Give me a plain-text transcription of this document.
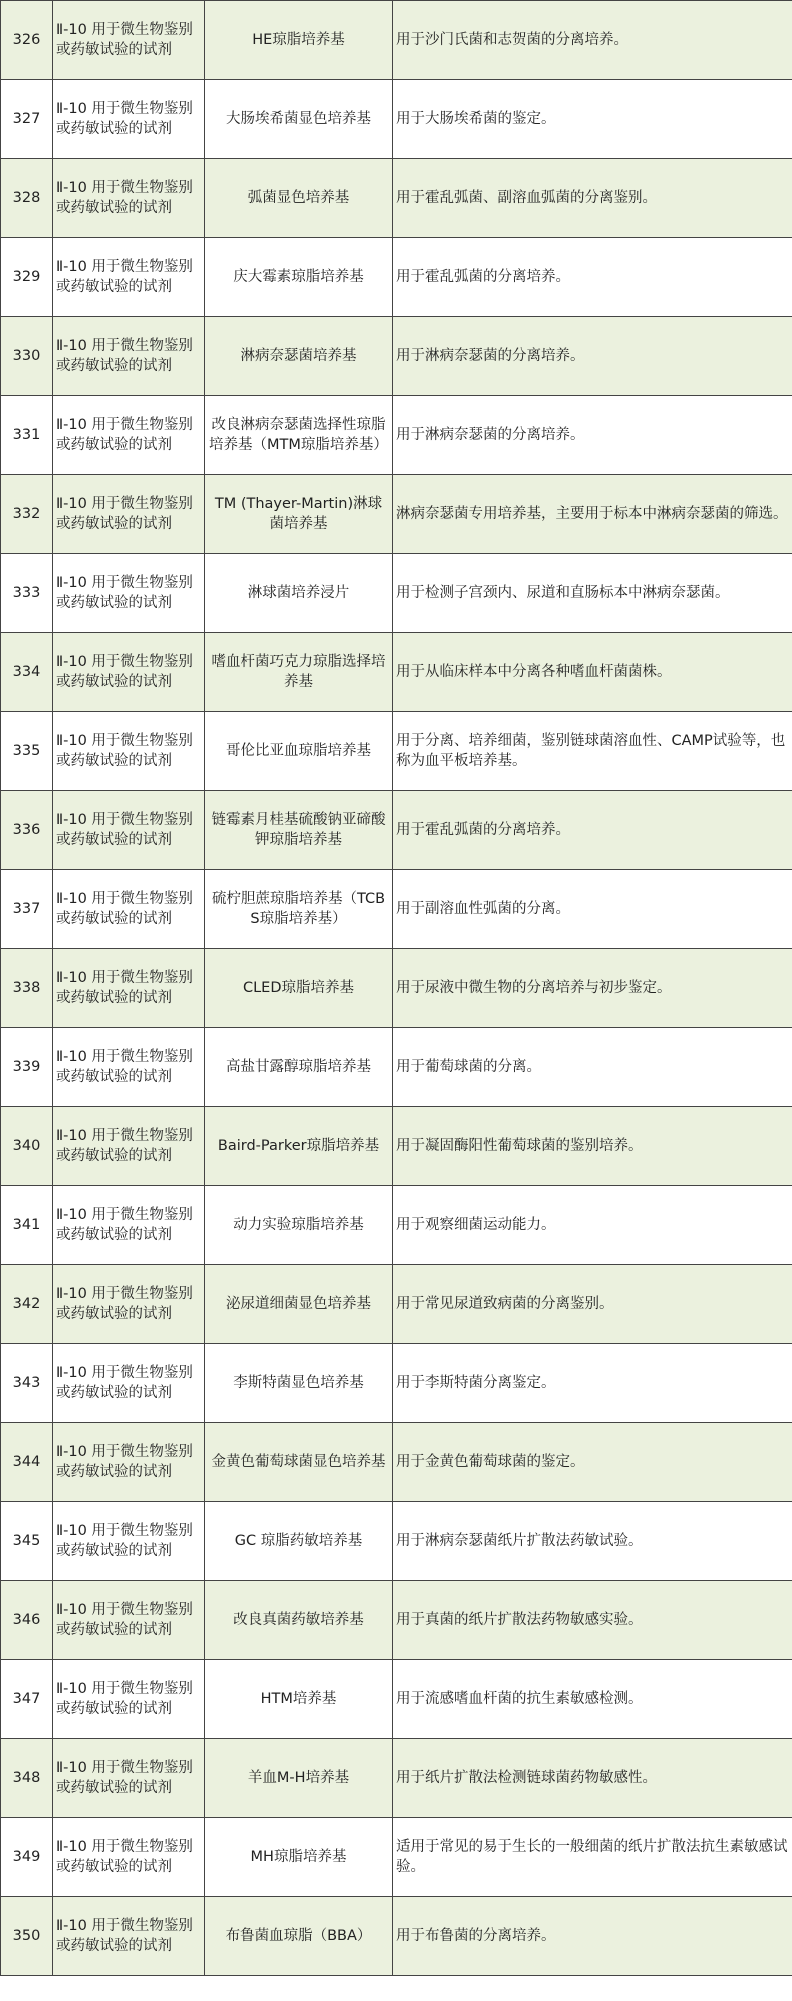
326	Ⅱ-10 用于微生物鉴别或药敏试验的试剂	HE琼脂培养基	用于沙门氏菌和志贺菌的分离培养。
327	Ⅱ-10 用于微生物鉴别或药敏试验的试剂	大肠埃希菌显色培养基	用于大肠埃希菌的鉴定。
328	Ⅱ-10 用于微生物鉴别或药敏试验的试剂	弧菌显色培养基	用于霍乱弧菌、副溶血弧菌的分离鉴别。
329	Ⅱ-10 用于微生物鉴别或药敏试验的试剂	庆大霉素琼脂培养基	用于霍乱弧菌的分离培养。
330	Ⅱ-10 用于微生物鉴别或药敏试验的试剂	淋病奈瑟菌培养基	用于淋病奈瑟菌的分离培养。
331	Ⅱ-10 用于微生物鉴别或药敏试验的试剂	改良淋病奈瑟菌选择性琼脂培养基（MTM琼脂培养基）	用于淋病奈瑟菌的分离培养。
332	Ⅱ-10 用于微生物鉴别或药敏试验的试剂	TM (Thayer-Martin)淋球菌培养基	淋病奈瑟菌专用培养基，主要用于标本中淋病奈瑟菌的筛选。
333	Ⅱ-10 用于微生物鉴别或药敏试验的试剂	淋球菌培养浸片	用于检测子宫颈内、尿道和直肠标本中淋病奈瑟菌。
334	Ⅱ-10 用于微生物鉴别或药敏试验的试剂	嗜血杆菌巧克力琼脂选择培养基	用于从临床样本中分离各种嗜血杆菌菌株。
335	Ⅱ-10 用于微生物鉴别或药敏试验的试剂	哥伦比亚血琼脂培养基	用于分离、培养细菌，鉴别链球菌溶血性、CAMP试验等，也称为血平板培养基。
336	Ⅱ-10 用于微生物鉴别或药敏试验的试剂	链霉素月桂基硫酸钠亚碲酸钾琼脂培养基	用于霍乱弧菌的分离培养。
337	Ⅱ-10 用于微生物鉴别或药敏试验的试剂	硫柠胆蔗琼脂培养基（TCBS琼脂培养基）	用于副溶血性弧菌的分离。
338	Ⅱ-10 用于微生物鉴别或药敏试验的试剂	CLED琼脂培养基	用于尿液中微生物的分离培养与初步鉴定。
339	Ⅱ-10 用于微生物鉴别或药敏试验的试剂	高盐甘露醇琼脂培养基	用于葡萄球菌的分离。
340	Ⅱ-10 用于微生物鉴别或药敏试验的试剂	Baird-Parker琼脂培养基	用于凝固酶阳性葡萄球菌的鉴别培养。
341	Ⅱ-10 用于微生物鉴别或药敏试验的试剂	动力实验琼脂培养基	用于观察细菌运动能力。
342	Ⅱ-10 用于微生物鉴别或药敏试验的试剂	泌尿道细菌显色培养基	用于常见尿道致病菌的分离鉴别。
343	Ⅱ-10 用于微生物鉴别或药敏试验的试剂	李斯特菌显色培养基	用于李斯特菌分离鉴定。
344	Ⅱ-10 用于微生物鉴别或药敏试验的试剂	金黄色葡萄球菌显色培养基	用于金黄色葡萄球菌的鉴定。
345	Ⅱ-10 用于微生物鉴别或药敏试验的试剂	GC 琼脂药敏培养基	用于淋病奈瑟菌纸片扩散法药敏试验。
346	Ⅱ-10 用于微生物鉴别或药敏试验的试剂	改良真菌药敏培养基	用于真菌的纸片扩散法药物敏感实验。
347	Ⅱ-10 用于微生物鉴别或药敏试验的试剂	HTM培养基	用于流感嗜血杆菌的抗生素敏感检测。
348	Ⅱ-10 用于微生物鉴别或药敏试验的试剂	羊血M-H培养基	用于纸片扩散法检测链球菌药物敏感性。
349	Ⅱ-10 用于微生物鉴别或药敏试验的试剂	MH琼脂培养基	适用于常见的易于生长的一般细菌的纸片扩散法抗生素敏感试验。
350	Ⅱ-10 用于微生物鉴别或药敏试验的试剂	布鲁菌血琼脂（BBA）	用于布鲁菌的分离培养。
